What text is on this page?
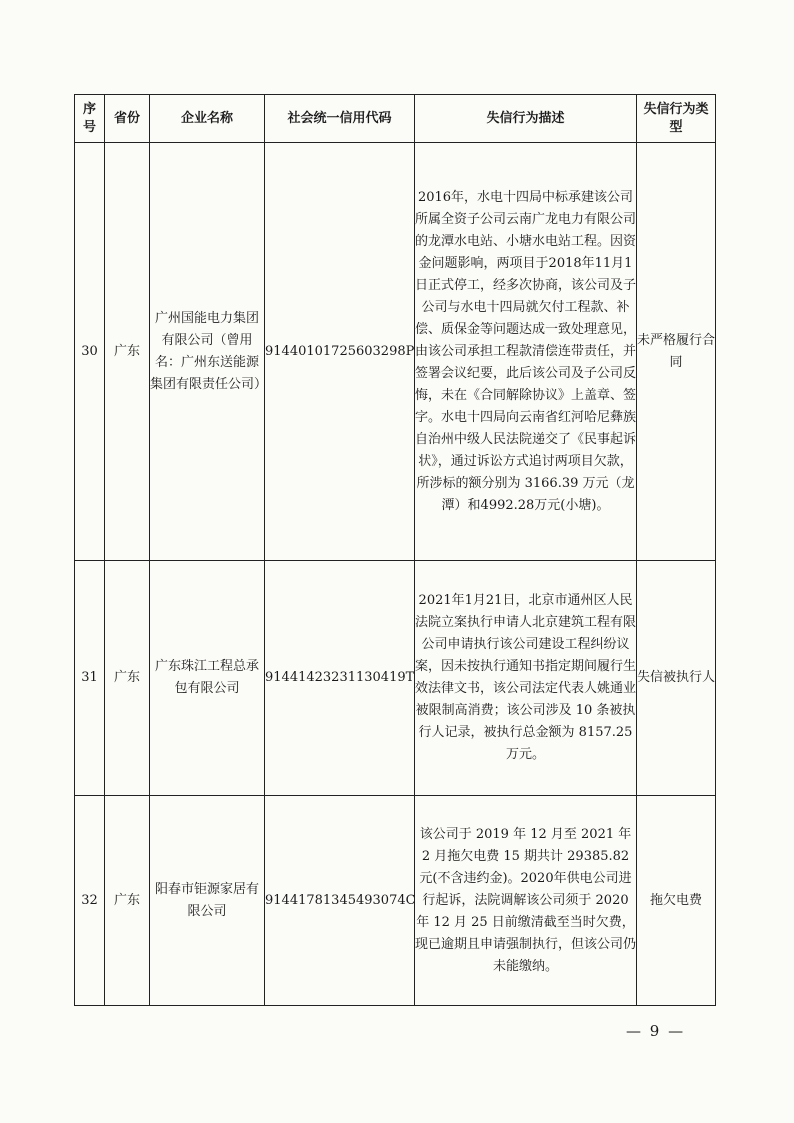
序号	省份	企业名称	社会统一信用代码	失信行为描述	失信行为类型
30	广东	广州国能电力集团有限公司（曾用名：广州东送能源集团有限责任公司）	91440101725603298P	2016年，水电十四局中标承建该公司所属全资子公司云南广龙电力有限公司的龙潭水电站、小塘水电站工程。因资金问题影响，两项目于2018年11月1日正式停工，经多次协商，该公司及子公司与水电十四局就欠付工程款、补偿、质保金等问题达成一致处理意见，由该公司承担工程款清偿连带责任，并签署会议纪要，此后该公司及子公司反悔，未在《合同解除协议》上盖章、签字。水电十四局向云南省红河哈尼彝族自治州中级人民法院递交了《民事起诉状》，通过诉讼方式追讨两项目欠款，所涉标的额分别为 3166.39 万元（龙潭）和4992.28万元(小塘)。	未严格履行合同
31	广东	广东珠江工程总承包有限公司	91441423231130419T	2021年1月21日，北京市通州区人民法院立案执行申请人北京建筑工程有限公司申请执行该公司建设工程纠纷议案，因未按执行通知书指定期间履行生效法律文书，该公司法定代表人姚通业被限制高消费；该公司涉及 10 条被执行人记录，被执行总金额为 8157.25 万元。	失信被执行人
32	广东	阳春市钜源家居有限公司	91441781345493074C	该公司于 2019 年 12 月至 2021 年 2 月拖欠电费 15 期共计 29385.82 元(不含违约金)。2020年供电公司进行起诉，法院调解该公司须于 2020 年 12 月 25 日前缴清截至当时欠费，现已逾期且申请强制执行，但该公司仍未能缴纳。	拖欠电费
— 9 —
